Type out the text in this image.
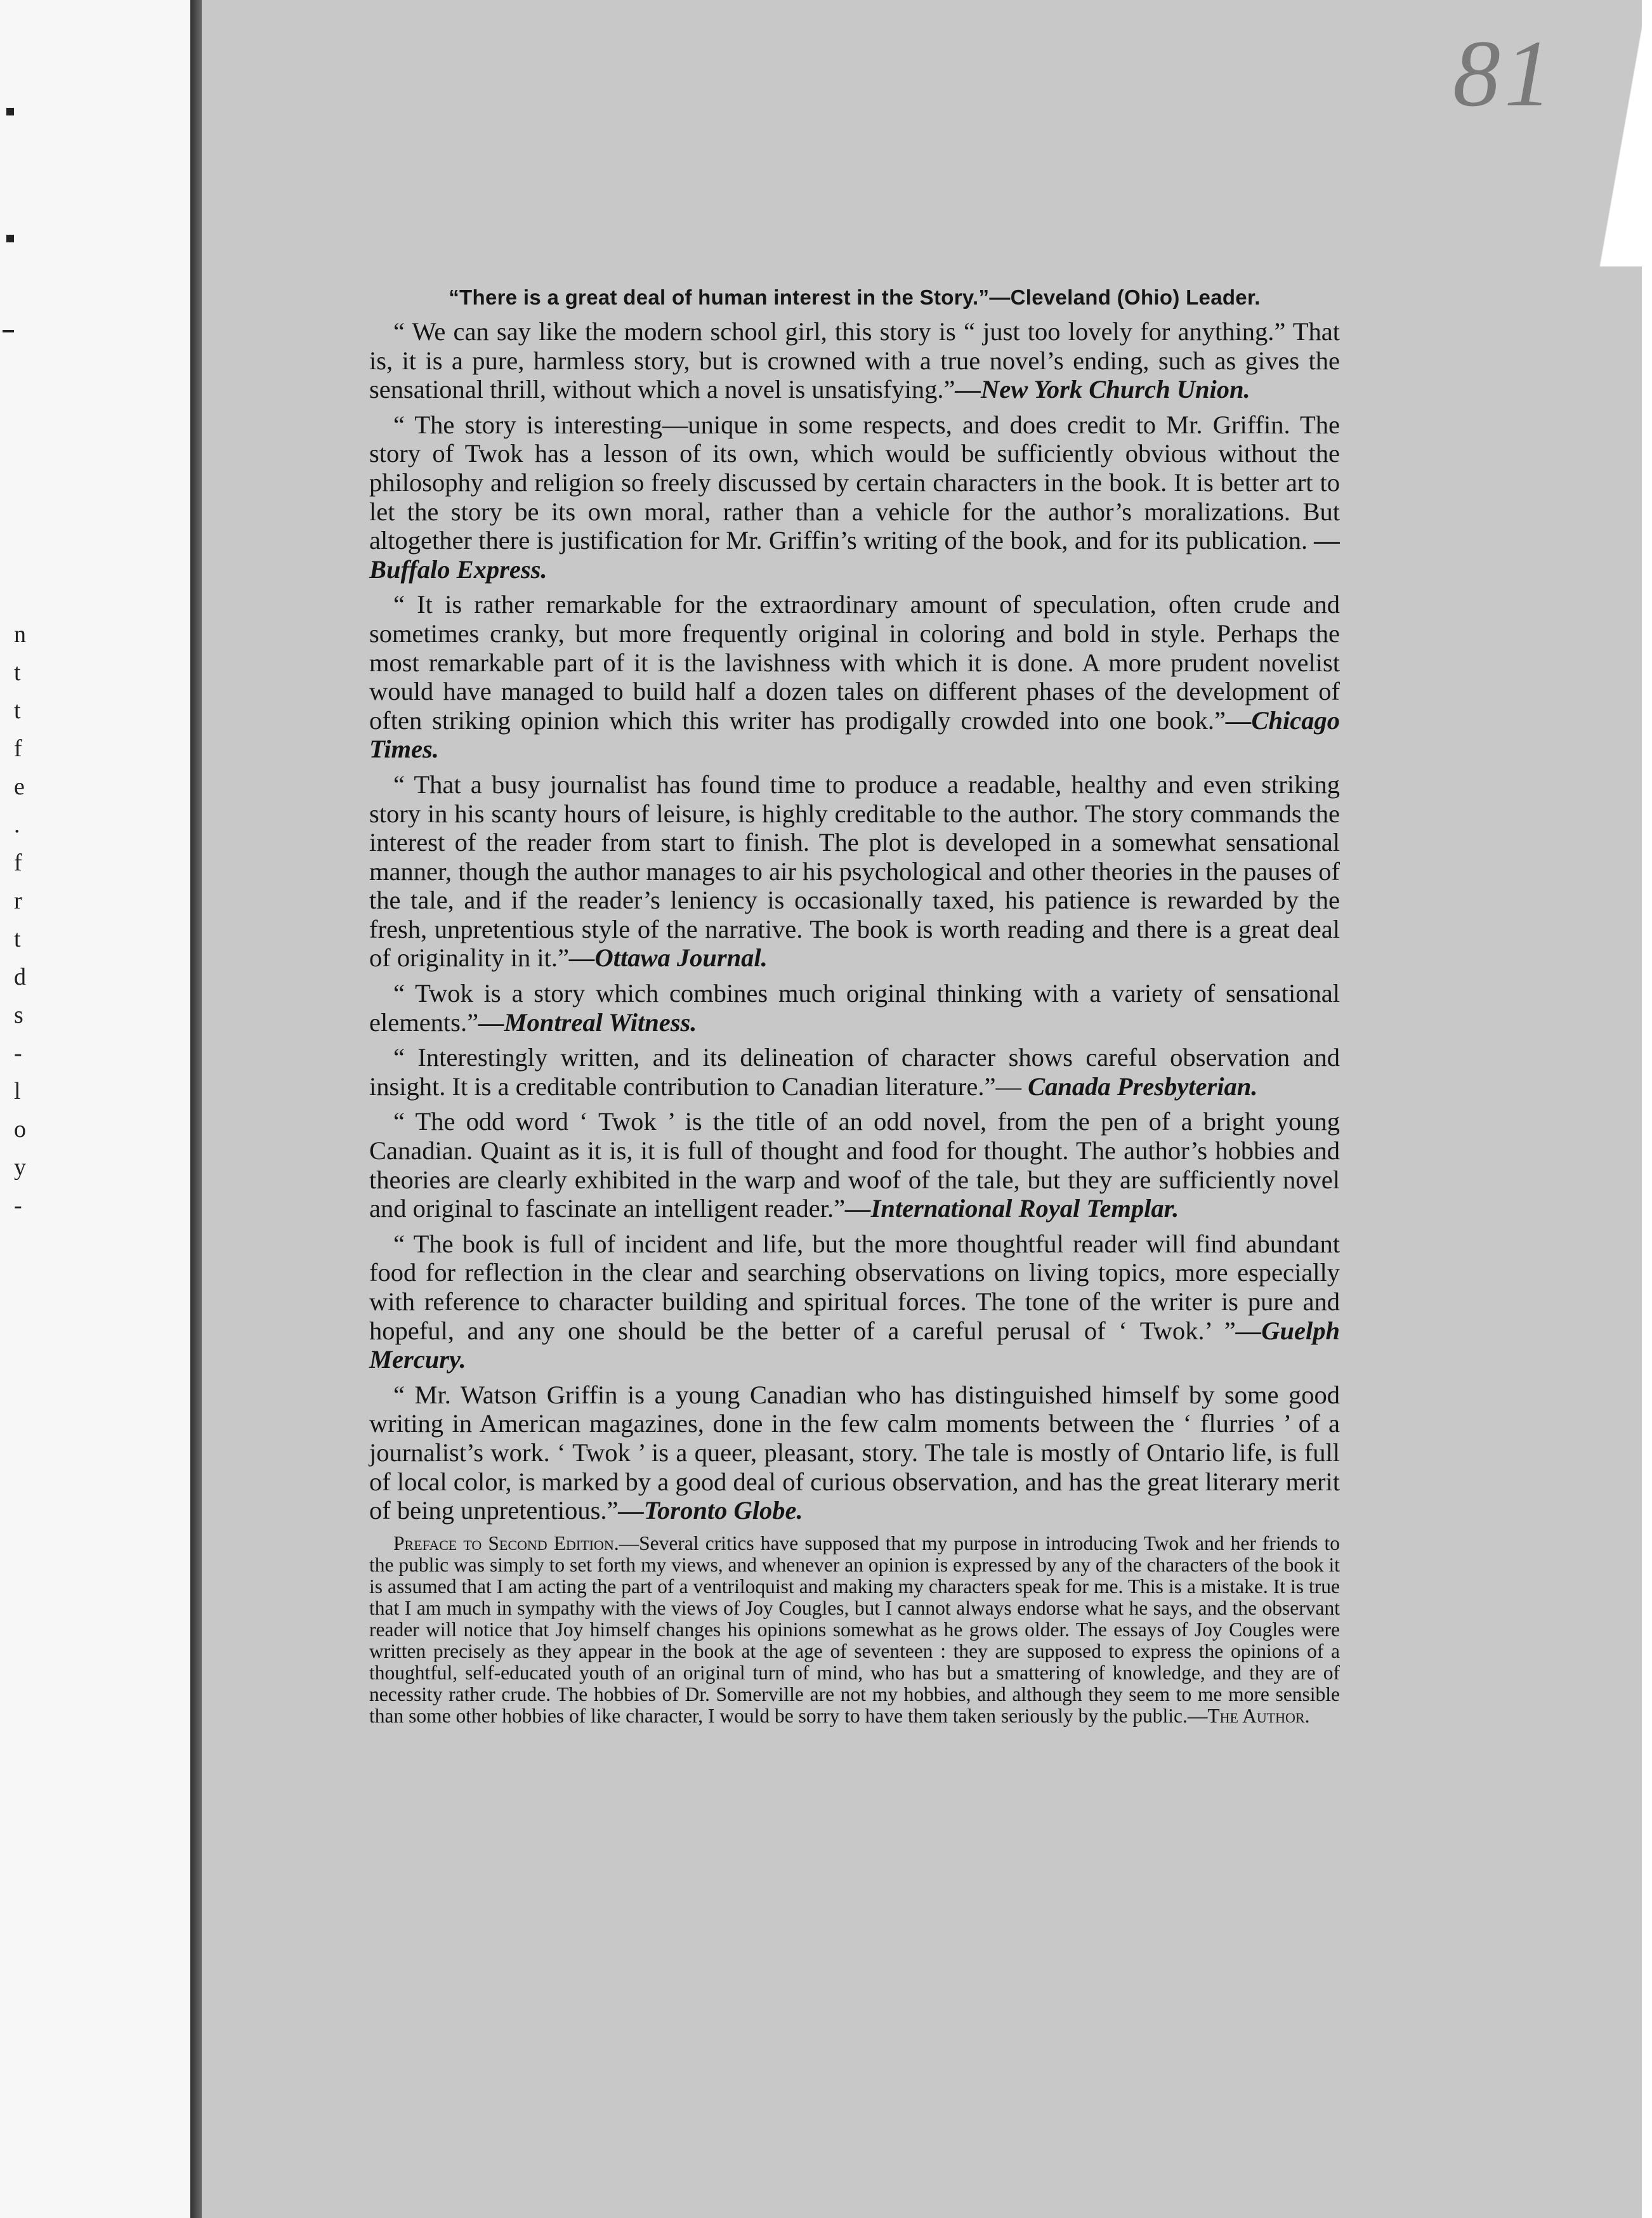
n
t
t
f
e
.
f
r
t
d
s
-
l
o
y
-
81

“There is a great deal of human interest in the Story.”—Cleveland (Ohio) Leader.

“ We can say like the modern school girl, this story is “ just too lovely for anything.” That is, it is a pure, harmless story, but is crowned with a true novel’s ending, such as gives the sensational thrill, without which a novel is unsatisfying.”—New York Church Union.

“ The story is interesting—unique in some respects, and does credit to Mr. Griffin. The story of Twok has a lesson of its own, which would be sufficiently obvious without the philosophy and religion so freely discussed by certain characters in the book. It is better art to let the story be its own moral, rather than a vehicle for the author’s moralizations. But altogether there is justification for Mr. Griffin’s writing of the book, and for its publication. —Buffalo Express.

“ It is rather remarkable for the extraordinary amount of speculation, often crude and sometimes cranky, but more frequently original in coloring and bold in style. Perhaps the most remarkable part of it is the lavishness with which it is done. A more prudent novelist would have managed to build half a dozen tales on different phases of the development of often striking opinion which this writer has prodigally crowded into one book.”—Chicago Times.

“ That a busy journalist has found time to produce a readable, healthy and even striking story in his scanty hours of leisure, is highly creditable to the author. The story commands the interest of the reader from start to finish. The plot is developed in a somewhat sensational manner, though the author manages to air his psychological and other theories in the pauses of the tale, and if the reader’s leniency is occasionally taxed, his patience is rewarded by the fresh, unpretentious style of the narrative. The book is worth reading and there is a great deal of originality in it.”—Ottawa Journal.

“ Twok is a story which combines much original thinking with a variety of sensational elements.”—Montreal Witness.

“ Interestingly written, and its delineation of character shows careful observation and insight. It is a creditable contribution to Canadian literature.”— Canada Presbyterian.

“ The odd word ‘ Twok ’ is the title of an odd novel, from the pen of a bright young Canadian. Quaint as it is, it is full of thought and food for thought. The author’s hobbies and theories are clearly exhibited in the warp and woof of the tale, but they are sufficiently novel and original to fascinate an intelligent reader.”—International Royal Templar.

“ The book is full of incident and life, but the more thoughtful reader will find abundant food for reflection in the clear and searching observations on living topics, more especially with reference to character building and spiritual forces. The tone of the writer is pure and hopeful, and any one should be the better of a careful perusal of ‘ Twok.’ ”—Guelph Mercury.

“ Mr. Watson Griffin is a young Canadian who has distinguished himself by some good writing in American magazines, done in the few calm moments between the ‘ flurries ’ of a journalist’s work. ‘ Twok ’ is a queer, pleasant, story. The tale is mostly of Ontario life, is full of local color, is marked by a good deal of curious observation, and has the great literary merit of being unpretentious.”—Toronto Globe.

Preface to Second Edition.—Several critics have supposed that my purpose in introducing Twok and her friends to the public was simply to set forth my views, and whenever an opinion is expressed by any of the characters of the book it is assumed that I am acting the part of a ventriloquist and making my characters speak for me. This is a mistake. It is true that I am much in sympathy with the views of Joy Cougles, but I cannot always endorse what he says, and the observant reader will notice that Joy himself changes his opinions somewhat as he grows older. The essays of Joy Cougles were written precisely as they appear in the book at the age of seventeen : they are supposed to express the opinions of a thoughtful, self-educated youth of an original turn of mind, who has but a smattering of knowledge, and they are of necessity rather crude. The hobbies of Dr. Somerville are not my hobbies, and although they seem to me more sensible than some other hobbies of like character, I would be sorry to have them taken seriously by the public.—The Author.
